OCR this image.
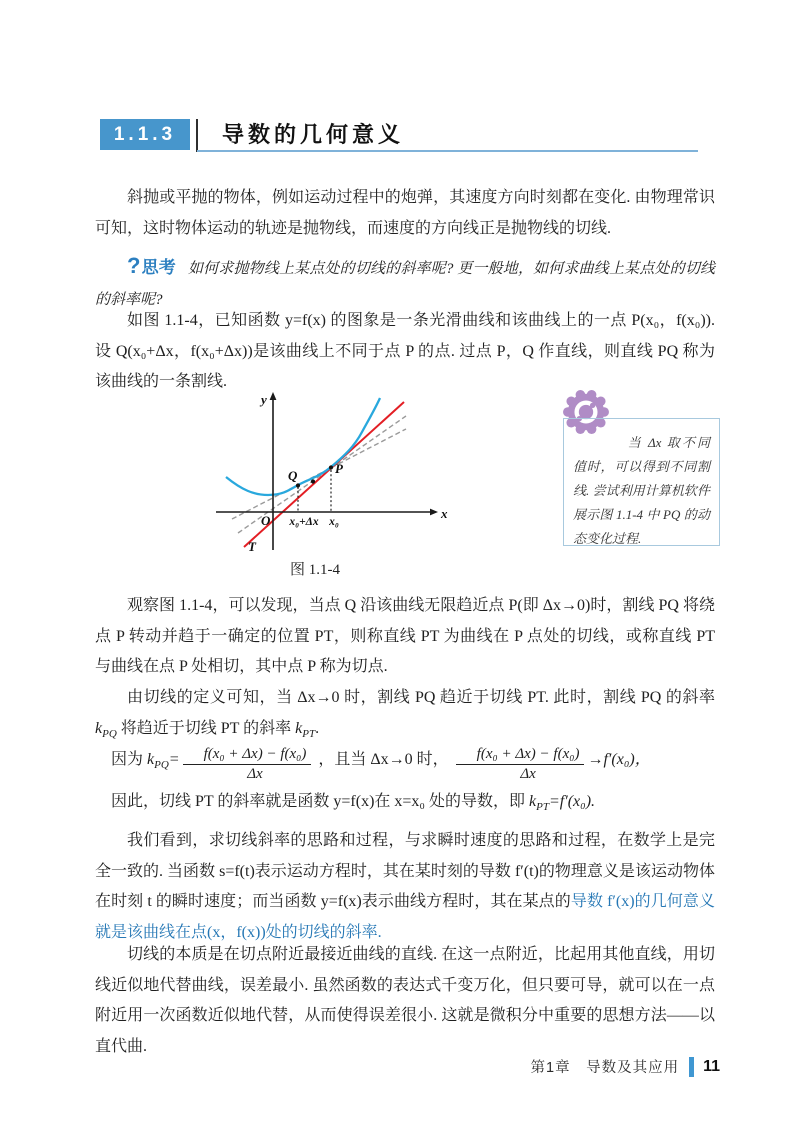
1.1.3	导数的几何意义

斜抛或平抛的物体，例如运动过程中的炮弹，其速度方向时刻都在变化. 由物理常识可知，这时物体运动的轨迹是抛物线，而速度的方向线正是抛物线的切线.

?思考 如何求抛物线上某点处的切线的斜率呢? 更一般地，如何求曲线上某点处的切线的斜率呢?

如图 1.1-4，已知函数 y=f(x) 的图象是一条光滑曲线和该曲线上的一点 P(x₀，f(x₀)). 设 Q(x₀+Δx，f(x₀+Δx))是该曲线上不同于点 P 的点. 过点 P，Q 作直线，则直线 PQ 称为该曲线的一条割线.

y
x
O
Q	P
T
x₀+Δx x₀

图 1.1-4

当 Δx 取不同值时，可以得到不同割线. 尝试利用计算机软件展示图 1.1-4 中 PQ 的动态变化过程.

观察图 1.1-4，可以发现，当点 Q 沿该曲线无限趋近点 P(即 Δx→0)时，割线 PQ 将绕点 P 转动并趋于一确定的位置 PT，则称直线 PT 为曲线在 P 点处的切线，或称直线 PT 与曲线在点 P 处相切，其中点 P 称为切点.

由切线的定义可知，当 Δx→0 时，割线 PQ 趋近于切线 PT. 此时，割线 PQ 的斜率 $k_{PQ}$ 将趋近于切线 PT 的斜率 $k_{PT}$.

因为 $k_{PQ}= \frac{\text{f(x₀ + Δx) − f(x₀)}}{\Delta x}$ ，且当 Δx→0 时， $\frac{\text{f(x₀ + Δx) − f(x₀)}}{\Delta x} \to f'(x_0)$，

因此，切线 PT 的斜率就是函数 y=f(x)在 x=x₀ 处的导数，即 $k_{PT}=f'(x_0)$.

我们看到，求切线斜率的思路和过程，与求瞬时速度的思路和过程，在数学上是完全一致的. 当函数 s=f(t)表示运动方程时，其在某时刻的导数 f′(t)的物理意义是该运动物体在时刻 t 的瞬时速度；而当函数 y=f(x)表示曲线方程时，其在某点的导数 f′(x)的几何意义就是该曲线在点(x，f(x))处的切线的斜率.

切线的本质是在切点附近最接近曲线的直线. 在这一点附近，比起用其他直线，用切线近似地代替曲线，误差最小. 虽然函数的表达式千变万化，但只要可导，就可以在一点附近用一次函数近似地代替，从而使得误差很小. 这就是微积分中重要的思想方法——以直代曲.

第1章　导数及其应用 11
